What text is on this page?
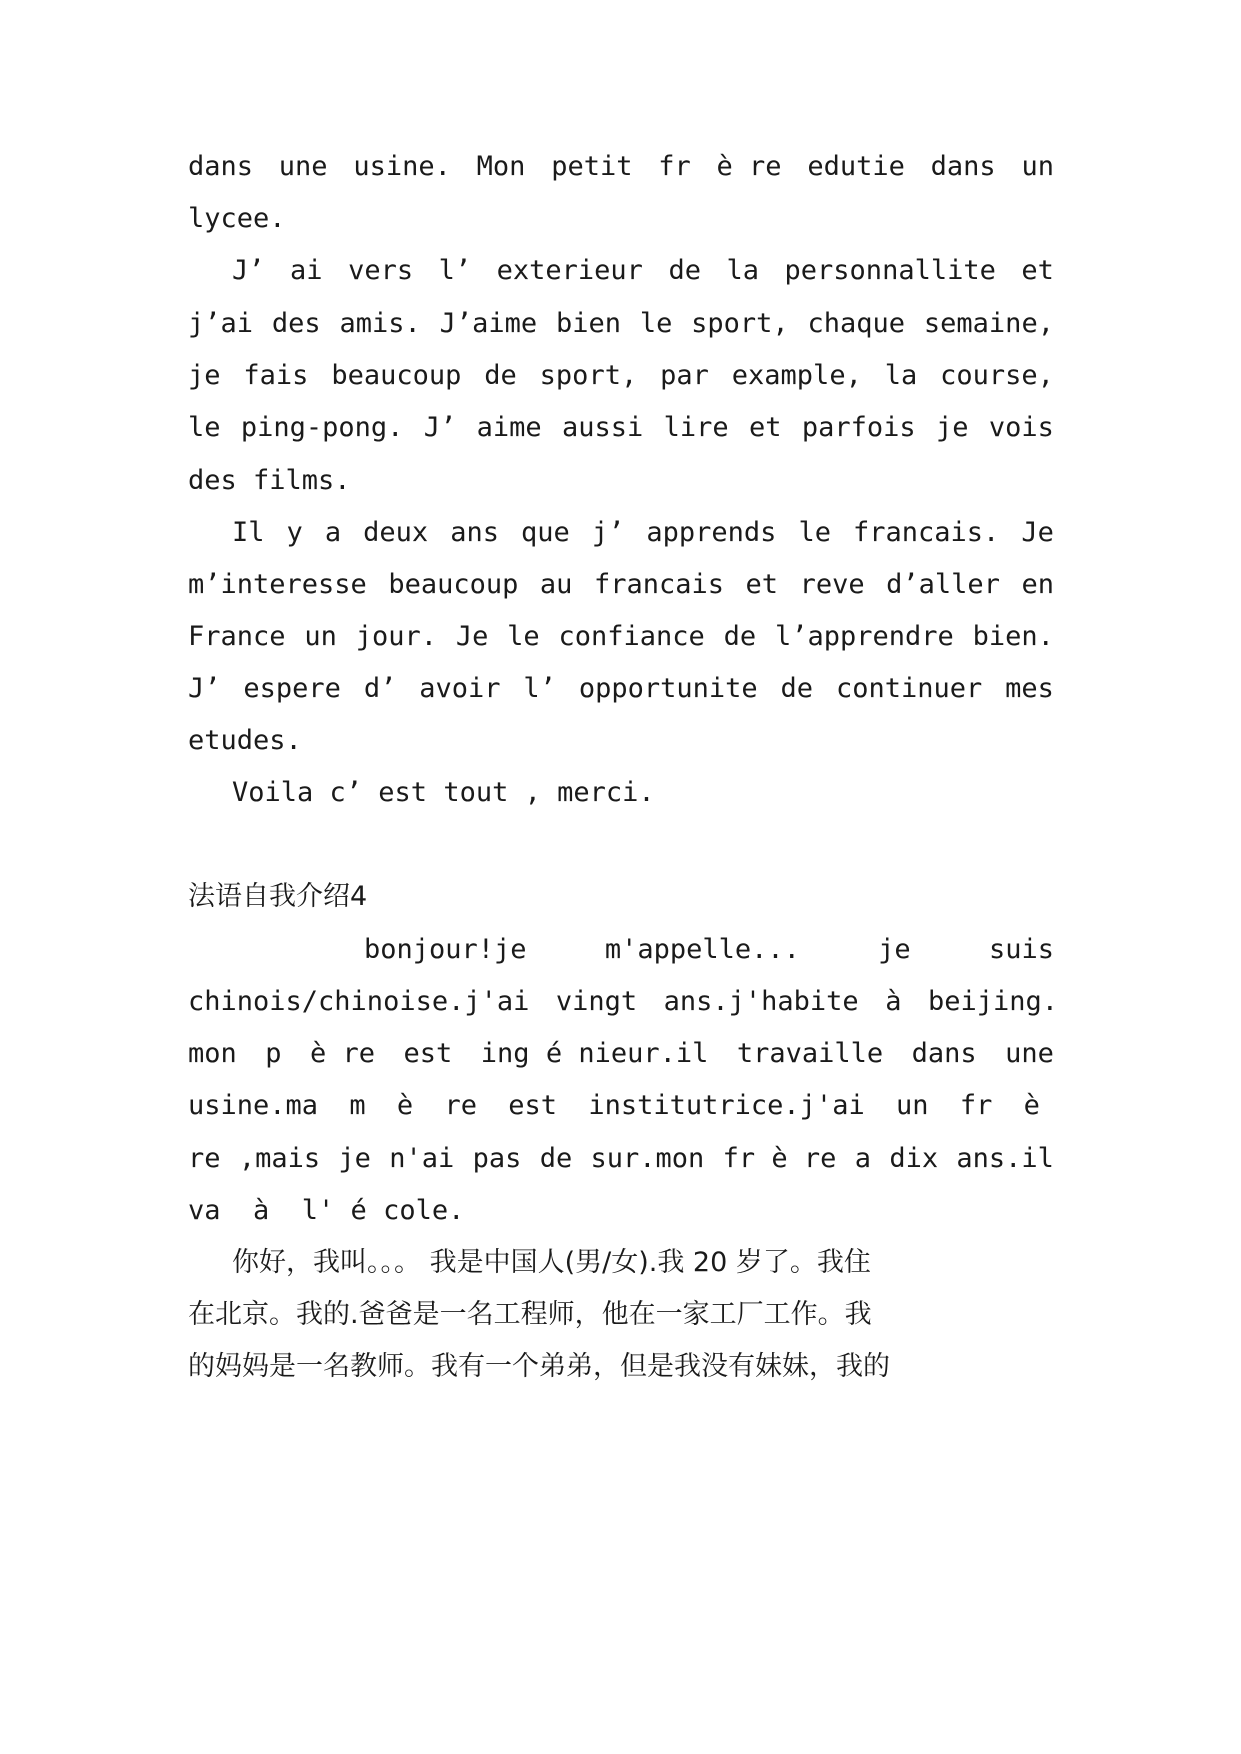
dans une usine. Mon petit fr è re edutie dans un
lycee.
J’ ai vers l’ exterieur de la personnallite et
j’ai des amis. J’aime bien le sport, chaque semaine,
je fais beaucoup de sport, par example, la course,
le ping-pong. J’ aime aussi lire et parfois je vois
des films.
Il y a deux ans que j’ apprends le francais. Je
m’interesse beaucoup au francais et reve d’aller en
France un jour. Je le confiance de l’apprendre bien.
J’ espere d’ avoir l’ opportunite de continuer mes
etudes.
Voila c’ est tout , merci.
法语自我介绍4
bonjour!je	m'appelle...	je	suis
chinois/chinoise.j'ai vingt ans.j'habite à beijing.
mon p è re est ing é nieur.il travaille dans une
usine.ma m è re est institutrice.j'ai un fr è
re ,mais je n'ai pas de sur.mon fr è re a dix ans.il
va  à  l' é cole.
你好，我叫。。。 我是中国人(男/女).我 20 岁了。我住
在北京。我的.爸爸是一名工程师，他在一家工厂工作。我
的妈妈是一名教师。我有一个弟弟，但是我没有妹妹，我的
